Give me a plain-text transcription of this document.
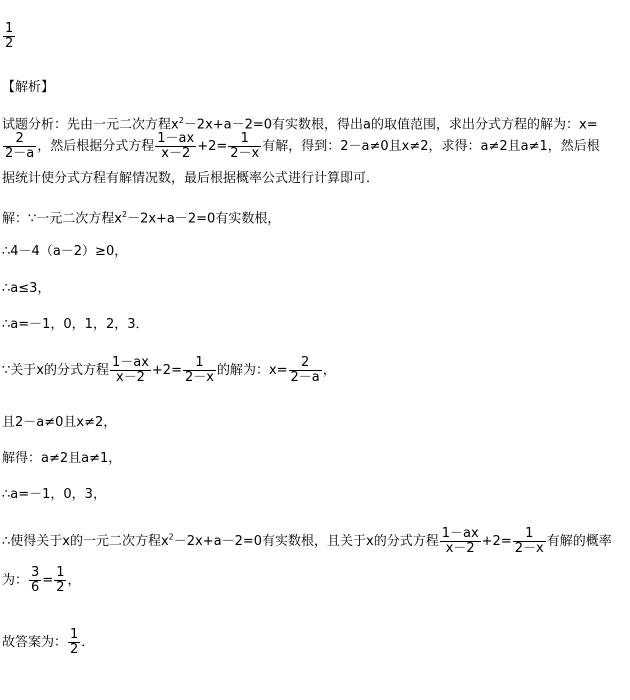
$\frac{1}{2}$
【解析】
试题分析：先由一元二次方程$x^2-2x+a-2=0$有实数根，得出a的取值范围，求出分式方程的解为：x=
$\frac{2}{2-a}$ ，然后根据分式方程 $\frac{1-ax}{x-2} +2= \frac{1}{2-x}$ 有解，得到：2－a≠0且x≠2，求得：a≠2且a≠1，然后根
据统计使分式方程有解情况数，最后根据概率公式进行计算即可．
解：∵一元二次方程$x^2-2x+a-2=0$有实数根，
∴4－4（a－2）≥0，
∴a≤3，
∴a=－1，0，1，2，3．
∵关于x的分式方程 $\frac{1-ax}{x-2} +2= \frac{1}{2-x}$ 的解为：$x= \frac{2}{2-a}$ ，
且2－a≠0且x≠2，
解得：a≠2且a≠1，
∴a=－1，0，3，
∴使得关于x的一元二次方程$x^2-2x+a-2=0$有实数根，且关于x的分式方程 $\frac{1-ax}{x-2} +2= \frac{1}{2-x}$ 有解的概率
为： $\frac{3}{6} = \frac{1}{2}$ ，
故答案为： $\frac{1}{2}$ ．
